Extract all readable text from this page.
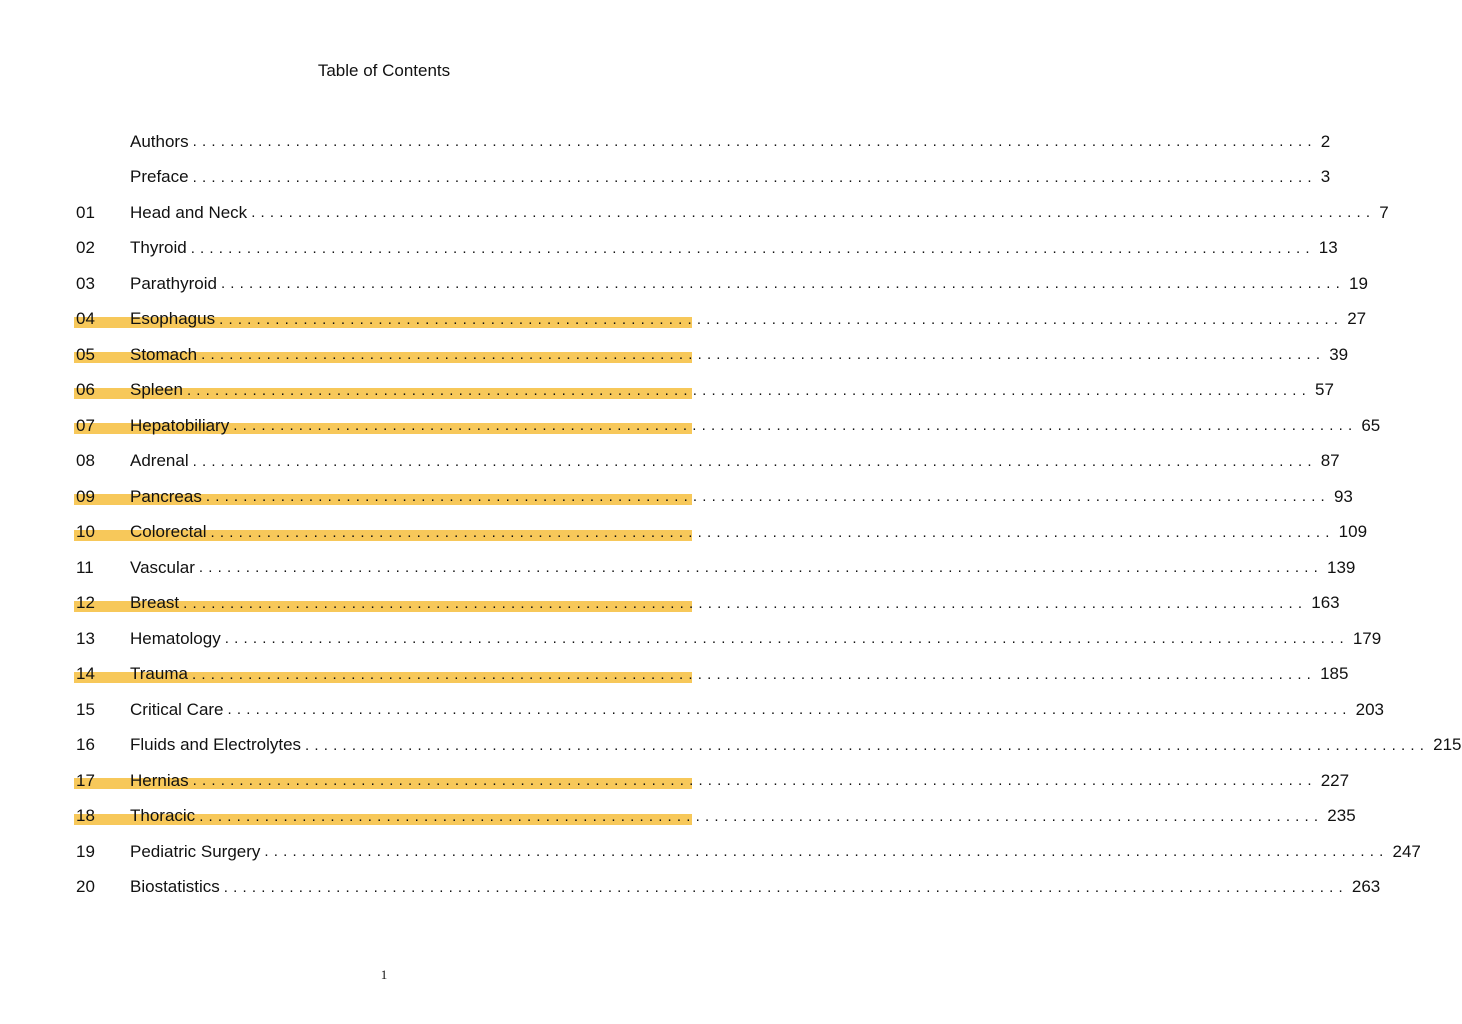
Table of Contents
Authors ........................................................................................................................ 2
Preface ........................................................................................................................ 3
01	Head and Neck ........................................................................................................................ 7
02	Thyroid ........................................................................................................................ 13
03	Parathyroid ........................................................................................................................ 19
04	Esophagus ........................................................................................................................ 27
05	Stomach ........................................................................................................................ 39
06	Spleen ........................................................................................................................ 57
07	Hepatobiliary ........................................................................................................................ 65
08	Adrenal ........................................................................................................................ 87
09	Pancreas ........................................................................................................................ 93
10	Colorectal ........................................................................................................................ 109
11	Vascular ........................................................................................................................ 139
12	Breast ........................................................................................................................ 163
13	Hematology ........................................................................................................................ 179
14	Trauma ........................................................................................................................ 185
15	Critical Care ........................................................................................................................ 203
16	Fluids and Electrolytes ........................................................................................................................ 215
17	Hernias ........................................................................................................................ 227
18	Thoracic ........................................................................................................................ 235
19	Pediatric Surgery ........................................................................................................................ 247
20	Biostatistics ........................................................................................................................ 263
1
